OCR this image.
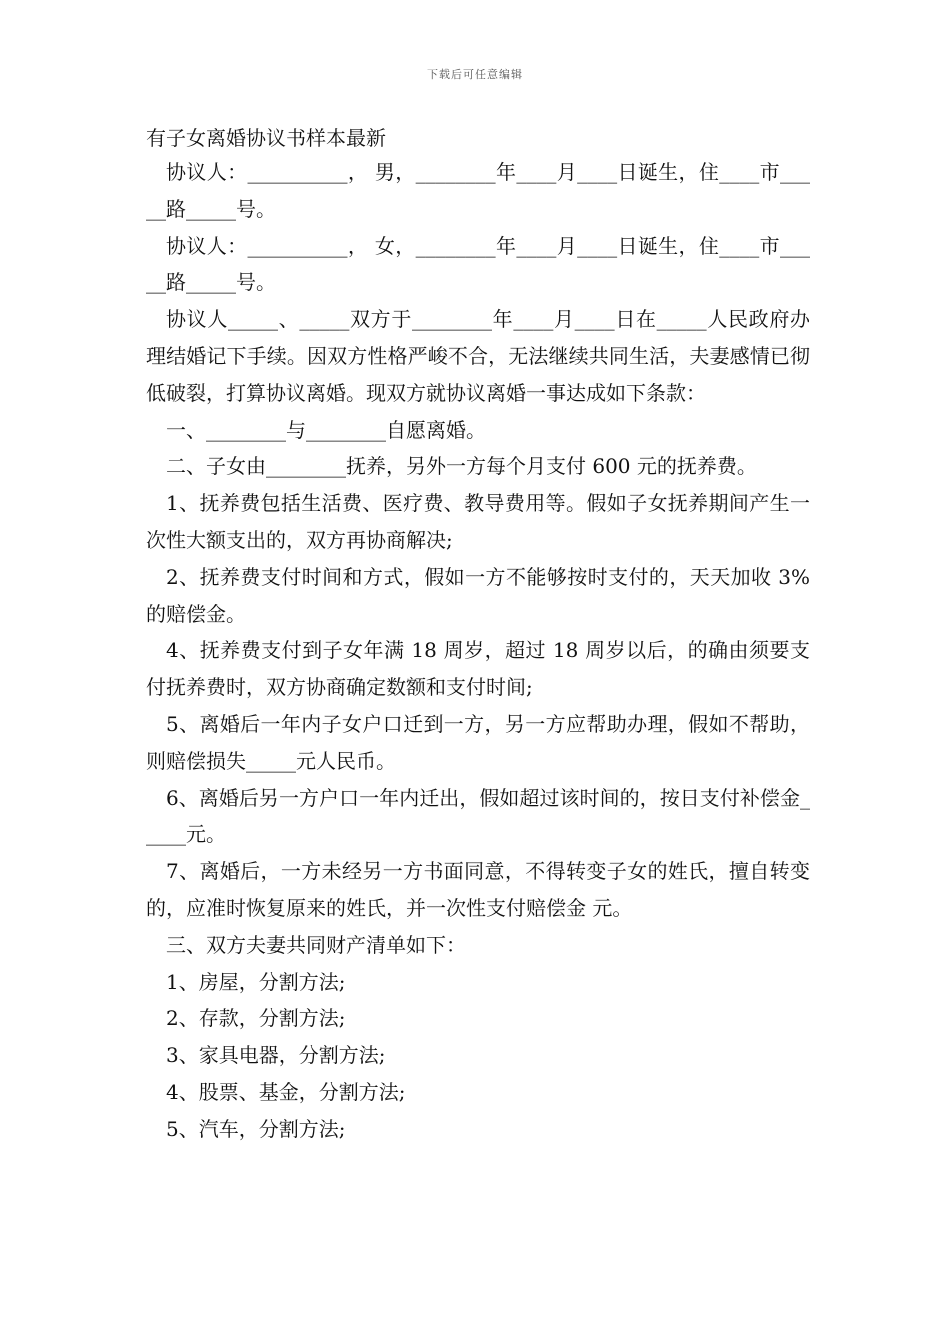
下载后可任意编辑
有子女离婚协议书样本最新

协议人：__________， 男，________年____月____日诞生，住____市_____路_____号。

协议人：__________， 女，________年____月____日诞生，住____市_____路_____号。

协议人_____、_____双方于________年____月____日在_____人民政府办理结婚记下手续。因双方性格严峻不合，无法继续共同生活，夫妻感情已彻低破裂，打算协议离婚。现双方就协议离婚一事达成如下条款：

一、________与________自愿离婚。

二、子女由________抚养，另外一方每个月支付 600 元的抚养费。

1、抚养费包括生活费、医疗费、教导费用等。假如子女抚养期间产生一次性大额支出的，双方再协商解决;

2、抚养费支付时间和方式，假如一方不能够按时支付的，天天加收 3%的赔偿金。

4、抚养费支付到子女年满 18 周岁，超过 18 周岁以后，的确由须要支付抚养费时，双方协商确定数额和支付时间;

5、离婚后一年内子女户口迁到一方，另一方应帮助办理，假如不帮助，则赔偿损失_____元人民币。

6、离婚后另一方户口一年内迁出，假如超过该时间的，按日支付补偿金_____元。

7、离婚后，一方未经另一方书面同意，不得转变子女的姓氏，擅自转变的，应准时恢复原来的姓氏，并一次性支付赔偿金 元。

三、双方夫妻共同财产清单如下：

1、房屋，分割方法;

2、存款，分割方法;

3、家具电器，分割方法;

4、股票、基金，分割方法;

5、汽车，分割方法;
